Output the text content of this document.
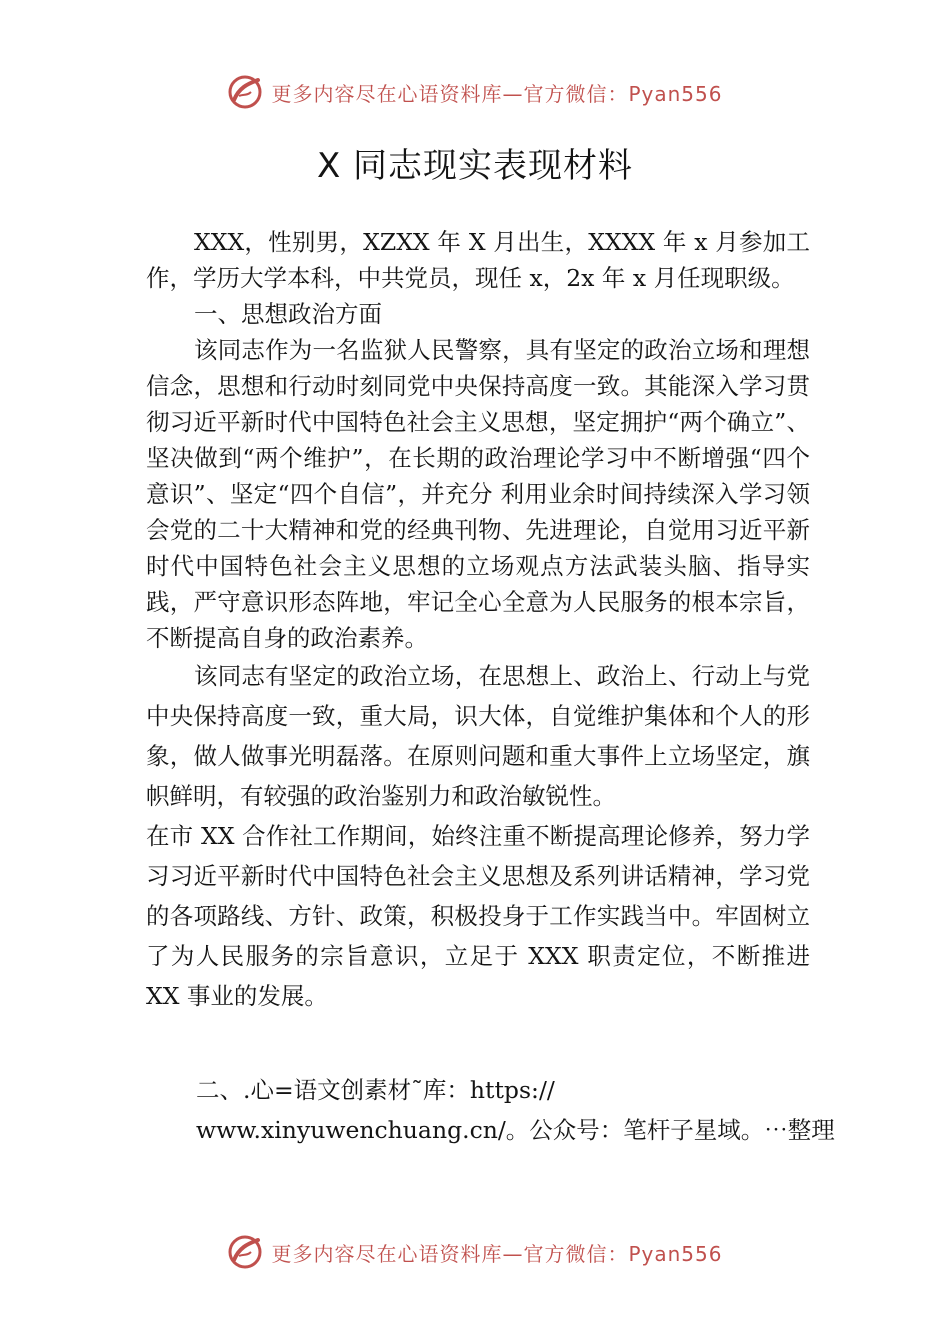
更多内容尽在心语资料库—官方微信：Pyan556
X 同志现实表现材料

XXX，性别男，XZXX 年 X 月出生，XXXX 年 x 月参加工作，学历大学本科，中共党员，现任 x，2x 年 x 月任现职级。

一、思想政治方面

该同志作为一名监狱人民警察，具有坚定的政治立场和理想信念，思想和行动时刻同党中央保持高度一致。其能深入学习贯彻习近平新时代中国特色社会主义思想，坚定拥护“两个确立”、坚决做到“两个维护”，在长期的政治理论学习中不断增强“四个意识”、坚定“四个自信”，并充分 利用业余时间持续深入学习领会党的二十大精神和党的经典刊物、先进理论，自觉用习近平新时代中国特色社会主义思想的立场观点方法武装头脑、指导实践，严守意识形态阵地，牢记全心全意为人民服务的根本宗旨，不断提高自身的政治素养。

该同志有坚定的政治立场，在思想上、政治上、行动上与党中央保持高度一致，重大局，识大体，自觉维护集体和个人的形象，做人做事光明磊落。在原则问题和重大事件上立场坚定，旗帜鲜明，有较强的政治鉴别力和政治敏锐性。

在市 XX 合作社工作期间，始终注重不断提高理论修养，努力学习习近平新时代中国特色社会主义思想及系列讲话精神，学习党的各项路线、方针、政策，积极投身于工作实践当中。牢固树立了为人民服务的宗旨意识，立足于 XXX 职责定位，不断推进 XX 事业的发展。

二、.心=语文创素材˜库：https://
www.xinyuwenchuang.cn/。公众号：笔杆子星域。⋯整理
更多内容尽在心语资料库—官方微信：Pyan556
